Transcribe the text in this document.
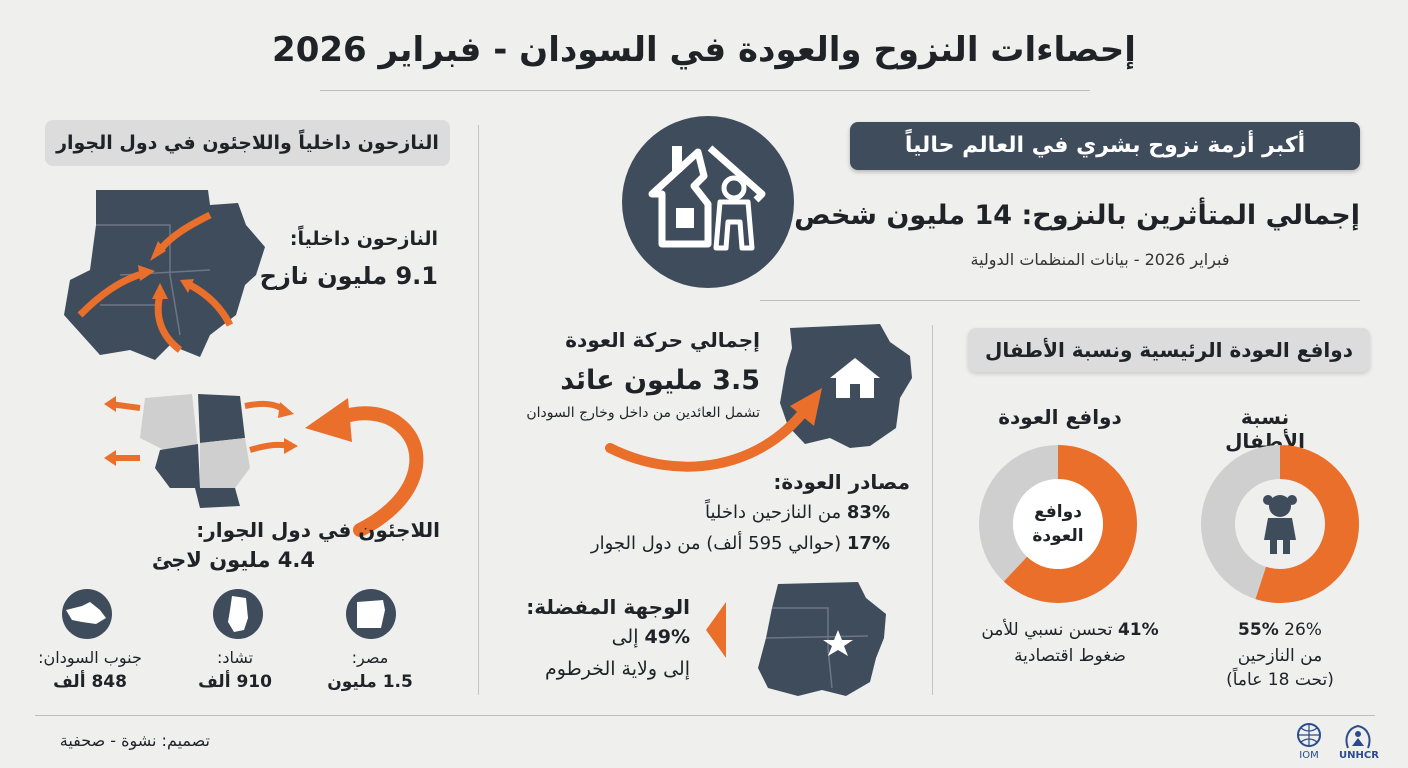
إحصاءات النزوح والعودة في السودان - فبراير 2026
أكبر أزمة نزوح بشري في العالم حالياً
إجمالي المتأثرين بالنزوح: 14 مليون شخص
فبراير 2026 - بيانات المنظمات الدولية
النازحون داخلياً واللاجئون في دول الجوار
النازحون داخلياً:
9.1 مليون نازح
اللاجئون في دول الجوار:
4.4 مليون لاجئ
جنوب السودان:
848 ألف
تشاد:
910 ألف
مصر:
1.5 مليون
إجمالي حركة العودة
3.5 مليون عائد
تشمل العائدين من داخل وخارج السودان
مصادر العودة:
83% من النازحين داخلياً
17% (حوالي 595 ألف) من دول الجوار
الوجهة المفضلة:
49% إلى
إلى ولاية الخرطوم
دوافع العودة الرئيسية ونسبة الأطفال
نسبة الأطفال
دوافع العودة
دوافع
العودة
26% 55%
من النازحين
(تحت 18 عاماً)
41% تحسن نسبي للأمن
ضغوط اقتصادية
تصميم: نشوة - صحفية
IOM	UNHCR
